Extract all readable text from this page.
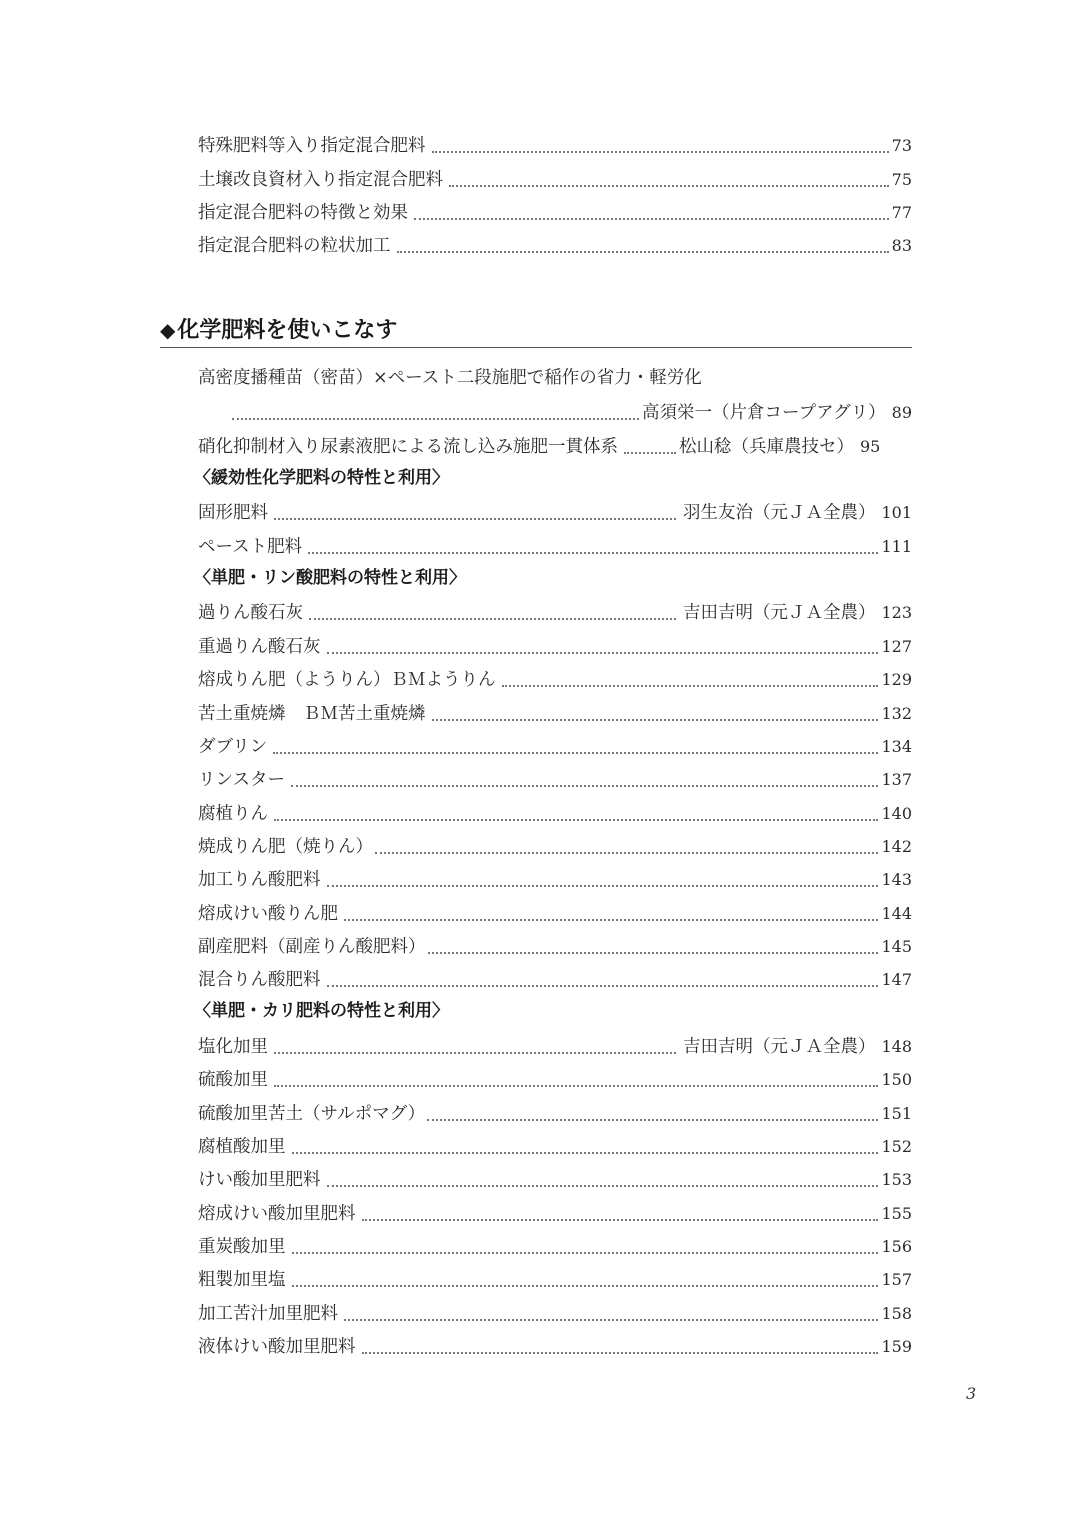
特殊肥料等入り指定混合肥料	73
土壌改良資材入り指定混合肥料	75
指定混合肥料の特徴と効果	77
指定混合肥料の粒状加工	83
◆化学肥料を使いこなす
高密度播種苗（密苗）×ペースト二段施肥で稲作の省力・軽労化
高須栄一（片倉コープアグリ） 89
硝化抑制材入り尿素液肥による流し込み施肥一貫体系	松山稔（兵庫農技セ） 95
〈緩効性化学肥料の特性と利用〉
固形肥料	羽生友治（元ＪＡ全農） 101
ペースト肥料	111
〈単肥・リン酸肥料の特性と利用〉
過りん酸石灰	吉田吉明（元ＪＡ全農） 123
重過りん酸石灰	127
熔成りん肥（ようりん）ＢＭようりん	129
苦土重焼燐　ＢＭ苦土重焼燐	132
ダブリン	134
リンスター	137
腐植りん	140
焼成りん肥（焼りん）	142
加工りん酸肥料	143
熔成けい酸りん肥	144
副産肥料（副産りん酸肥料）	145
混合りん酸肥料	147
〈単肥・カリ肥料の特性と利用〉
塩化加里	吉田吉明（元ＪＡ全農） 148
硫酸加里	150
硫酸加里苦土（サルポマグ）	151
腐植酸加里	152
けい酸加里肥料	153
熔成けい酸加里肥料	155
重炭酸加里	156
粗製加里塩	157
加工苦汁加里肥料	158
液体けい酸加里肥料	159
3
